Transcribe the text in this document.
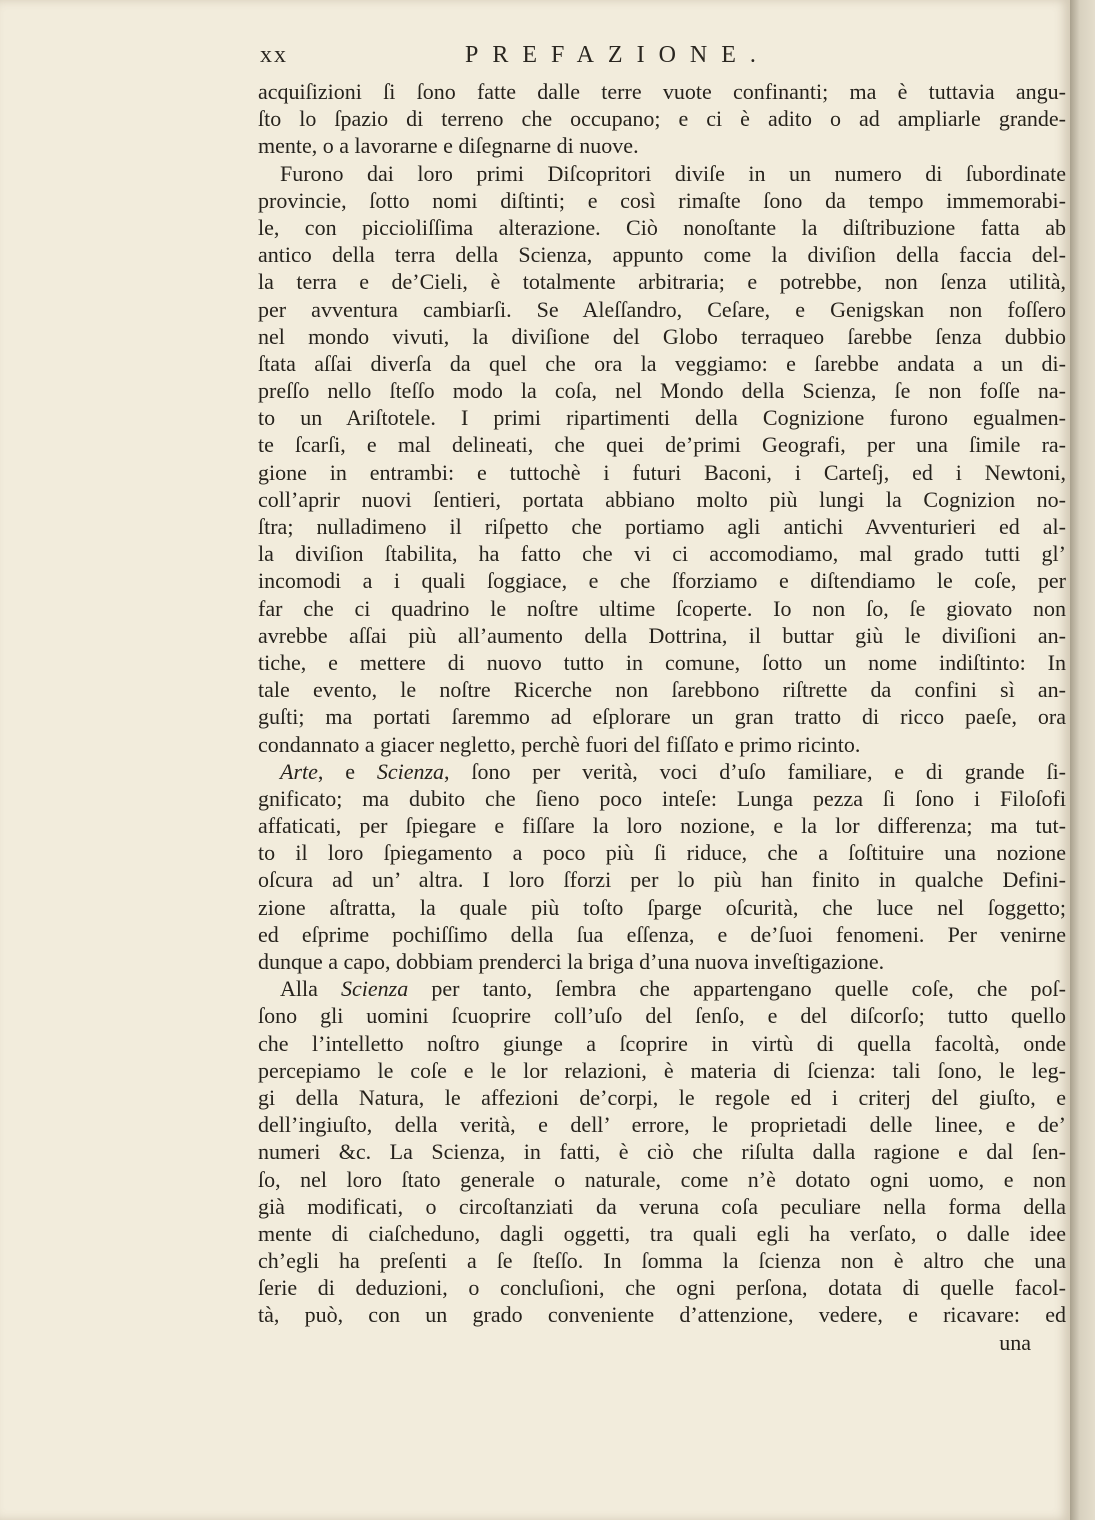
xx	PREFAZIONE.
acquiſizioni ſi ſono fatte dalle terre vuote confinanti; ma è tuttavia angu-
ſto lo ſpazio di terreno che occupano; e ci è adito o ad ampliarle grande-
mente, o a lavorarne e diſegnarne di nuove.
Furono dai loro primi Diſcopritori diviſe in un numero di ſubordinate
provincie, ſotto nomi diſtinti; e così rimaſte ſono da tempo immemorabi-
le, con piccioliſſima alterazione. Ciò nonoſtante la diſtribuzione fatta ab
antico della terra della Scienza, appunto come la diviſion della faccia del-
la terra e de’Cieli, è totalmente arbitraria; e potrebbe, non ſenza utilità,
per avventura cambiarſi. Se Aleſſandro, Ceſare, e Genigskan non foſſero
nel mondo vivuti, la diviſione del Globo terraqueo ſarebbe ſenza dubbio
ſtata aſſai diverſa da quel che ora la veggiamo: e ſarebbe andata a un di-
preſſo nello ſteſſo modo la coſa, nel Mondo della Scienza, ſe non foſſe na-
to un Ariſtotele. I primi ripartimenti della Cognizione furono egualmen-
te ſcarſi, e mal delineati, che quei de’primi Geografi, per una ſimile ra-
gione in entrambi: e tuttochè i futuri Baconi, i Carteſj, ed i Newtoni,
coll’aprir nuovi ſentieri, portata abbiano molto più lungi la Cognizion no-
ſtra; nulladimeno il riſpetto che portiamo agli antichi Avventurieri ed al-
la diviſion ſtabilita, ha fatto che vi ci accomodiamo, mal grado tutti gl’
incomodi a i quali ſoggiace, e che ſforziamo e diſtendiamo le coſe, per
far che ci quadrino le noſtre ultime ſcoperte. Io non ſo, ſe giovato non
avrebbe aſſai più all’aumento della Dottrina, il buttar giù le diviſioni an-
tiche, e mettere di nuovo tutto in comune, ſotto un nome indiſtinto: In
tale evento, le noſtre Ricerche non ſarebbono riſtrette da confini sì an-
guſti; ma portati ſaremmo ad eſplorare un gran tratto di ricco paeſe, ora
condannato a giacer negletto, perchè fuori del fiſſato e primo ricinto.
Arte, e Scienza, ſono per verità, voci d’uſo familiare, e di grande ſi-
gnificato; ma dubito che ſieno poco inteſe: Lunga pezza ſi ſono i Filoſofi
affaticati, per ſpiegare e fiſſare la loro nozione, e la lor differenza; ma tut-
to il loro ſpiegamento a poco più ſi riduce, che a ſoſtituire una nozione
oſcura ad un’ altra. I loro ſforzi per lo più han finito in qualche Defini-
zione aſtratta, la quale più toſto ſparge oſcurità, che luce nel ſoggetto;
ed eſprime pochiſſimo della ſua eſſenza, e de’ſuoi fenomeni. Per venirne
dunque a capo, dobbiam prenderci la briga d’una nuova inveſtigazione.
Alla Scienza per tanto, ſembra che appartengano quelle coſe, che poſ-
ſono gli uomini ſcuoprire coll’uſo del ſenſo, e del diſcorſo; tutto quello
che l’intelletto noſtro giunge a ſcoprire in virtù di quella facoltà, onde
percepiamo le coſe e le lor relazioni, è materia di ſcienza: tali ſono, le leg-
gi della Natura, le affezioni de’corpi, le regole ed i criterj del giuſto, e
dell’ingiuſto, della verità, e dell’ errore, le proprietadi delle linee, e de’
numeri &c. La Scienza, in fatti, è ciò che riſulta dalla ragione e dal ſen-
ſo, nel loro ſtato generale o naturale, come n’è dotato ogni uomo, e non
già modificati, o circoſtanziati da veruna coſa peculiare nella forma della
mente di ciaſcheduno, dagli oggetti, tra quali egli ha verſato, o dalle idee
ch’egli ha preſenti a ſe ſteſſo. In ſomma la ſcienza non è altro che una
ſerie di deduzioni, o concluſioni, che ogni perſona, dotata di quelle facol-
tà, può, con un grado conveniente d’attenzione, vedere, e ricavare: ed
una
